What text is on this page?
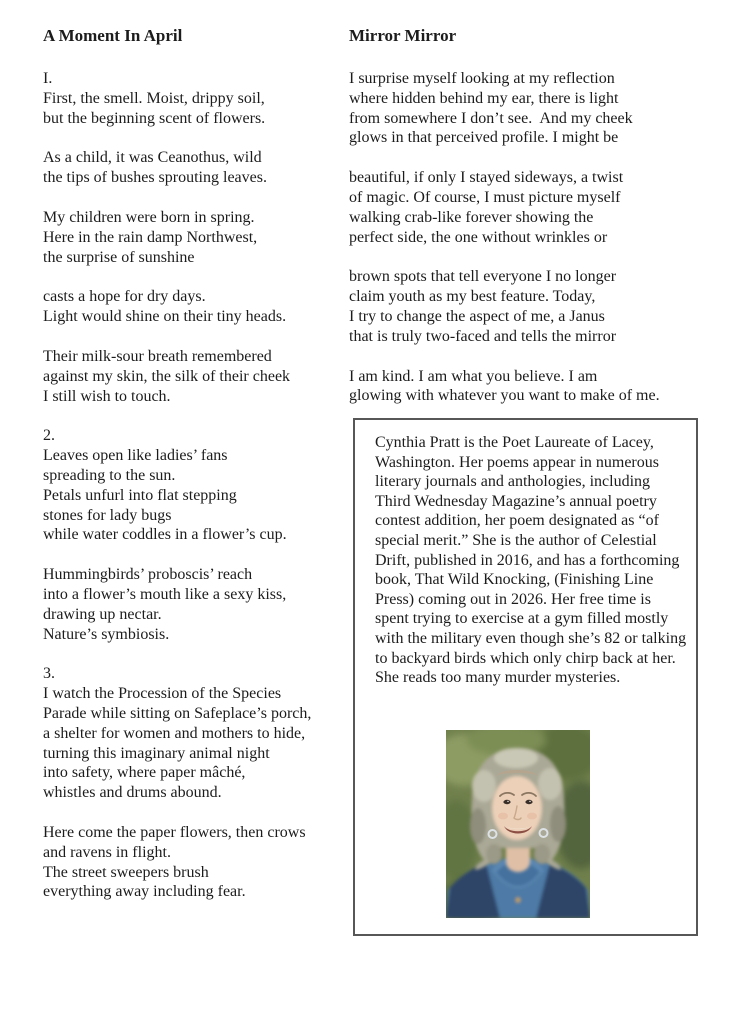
A Moment In April
I.
First, the smell. Moist, drippy soil,
but the beginning scent of flowers.
As a child, it was Ceanothus, wild
the tips of bushes sprouting leaves.
My children were born in spring.
Here in the rain damp Northwest,
the surprise of sunshine
casts a hope for dry days.
Light would shine on their tiny heads.
Their milk-sour breath remembered
against my skin, the silk of their cheek
I still wish to touch.
2.
Leaves open like ladies’ fans
spreading to the sun.
Petals unfurl into flat stepping
stones for lady bugs
while water coddles in a flower’s cup.
Hummingbirds’ proboscis’ reach
into a flower’s mouth like a sexy kiss,
drawing up nectar.
Nature’s symbiosis.
3.
I watch the Procession of the Species
Parade while sitting on Safeplace’s porch,
a shelter for women and mothers to hide,
turning this imaginary animal night
into safety, where paper mâché,
whistles and drums abound.
Here come the paper flowers, then crows
and ravens in flight.
The street sweepers brush
everything away including fear.
Mirror Mirror
I surprise myself looking at my reflection
where hidden behind my ear, there is light
from somewhere I don’t see.  And my cheek
glows in that perceived profile. I might be
beautiful, if only I stayed sideways, a twist
of magic. Of course, I must picture myself
walking crab-like forever showing the
perfect side, the one without wrinkles or
brown spots that tell everyone I no longer
claim youth as my best feature. Today,
I try to change the aspect of me, a Janus
that is truly two-faced and tells the mirror
I am kind. I am what you believe. I am
glowing with whatever you want to make of me.

Cynthia Pratt is the Poet Laureate of Lacey, Washington. Her poems appear in numerous literary journals and anthologies, including Third Wednesday Magazine’s annual poetry contest addition, her poem designated as “of special merit.” She is the author of Celestial Drift, published in 2016, and has a forthcoming book, That Wild Knocking, (Finishing Line Press) coming out in 2026. Her free time is spent trying to exercise at a gym filled mostly with the military even though she’s 82 or talking to backyard birds which only chirp back at her. She reads too many murder mysteries.
